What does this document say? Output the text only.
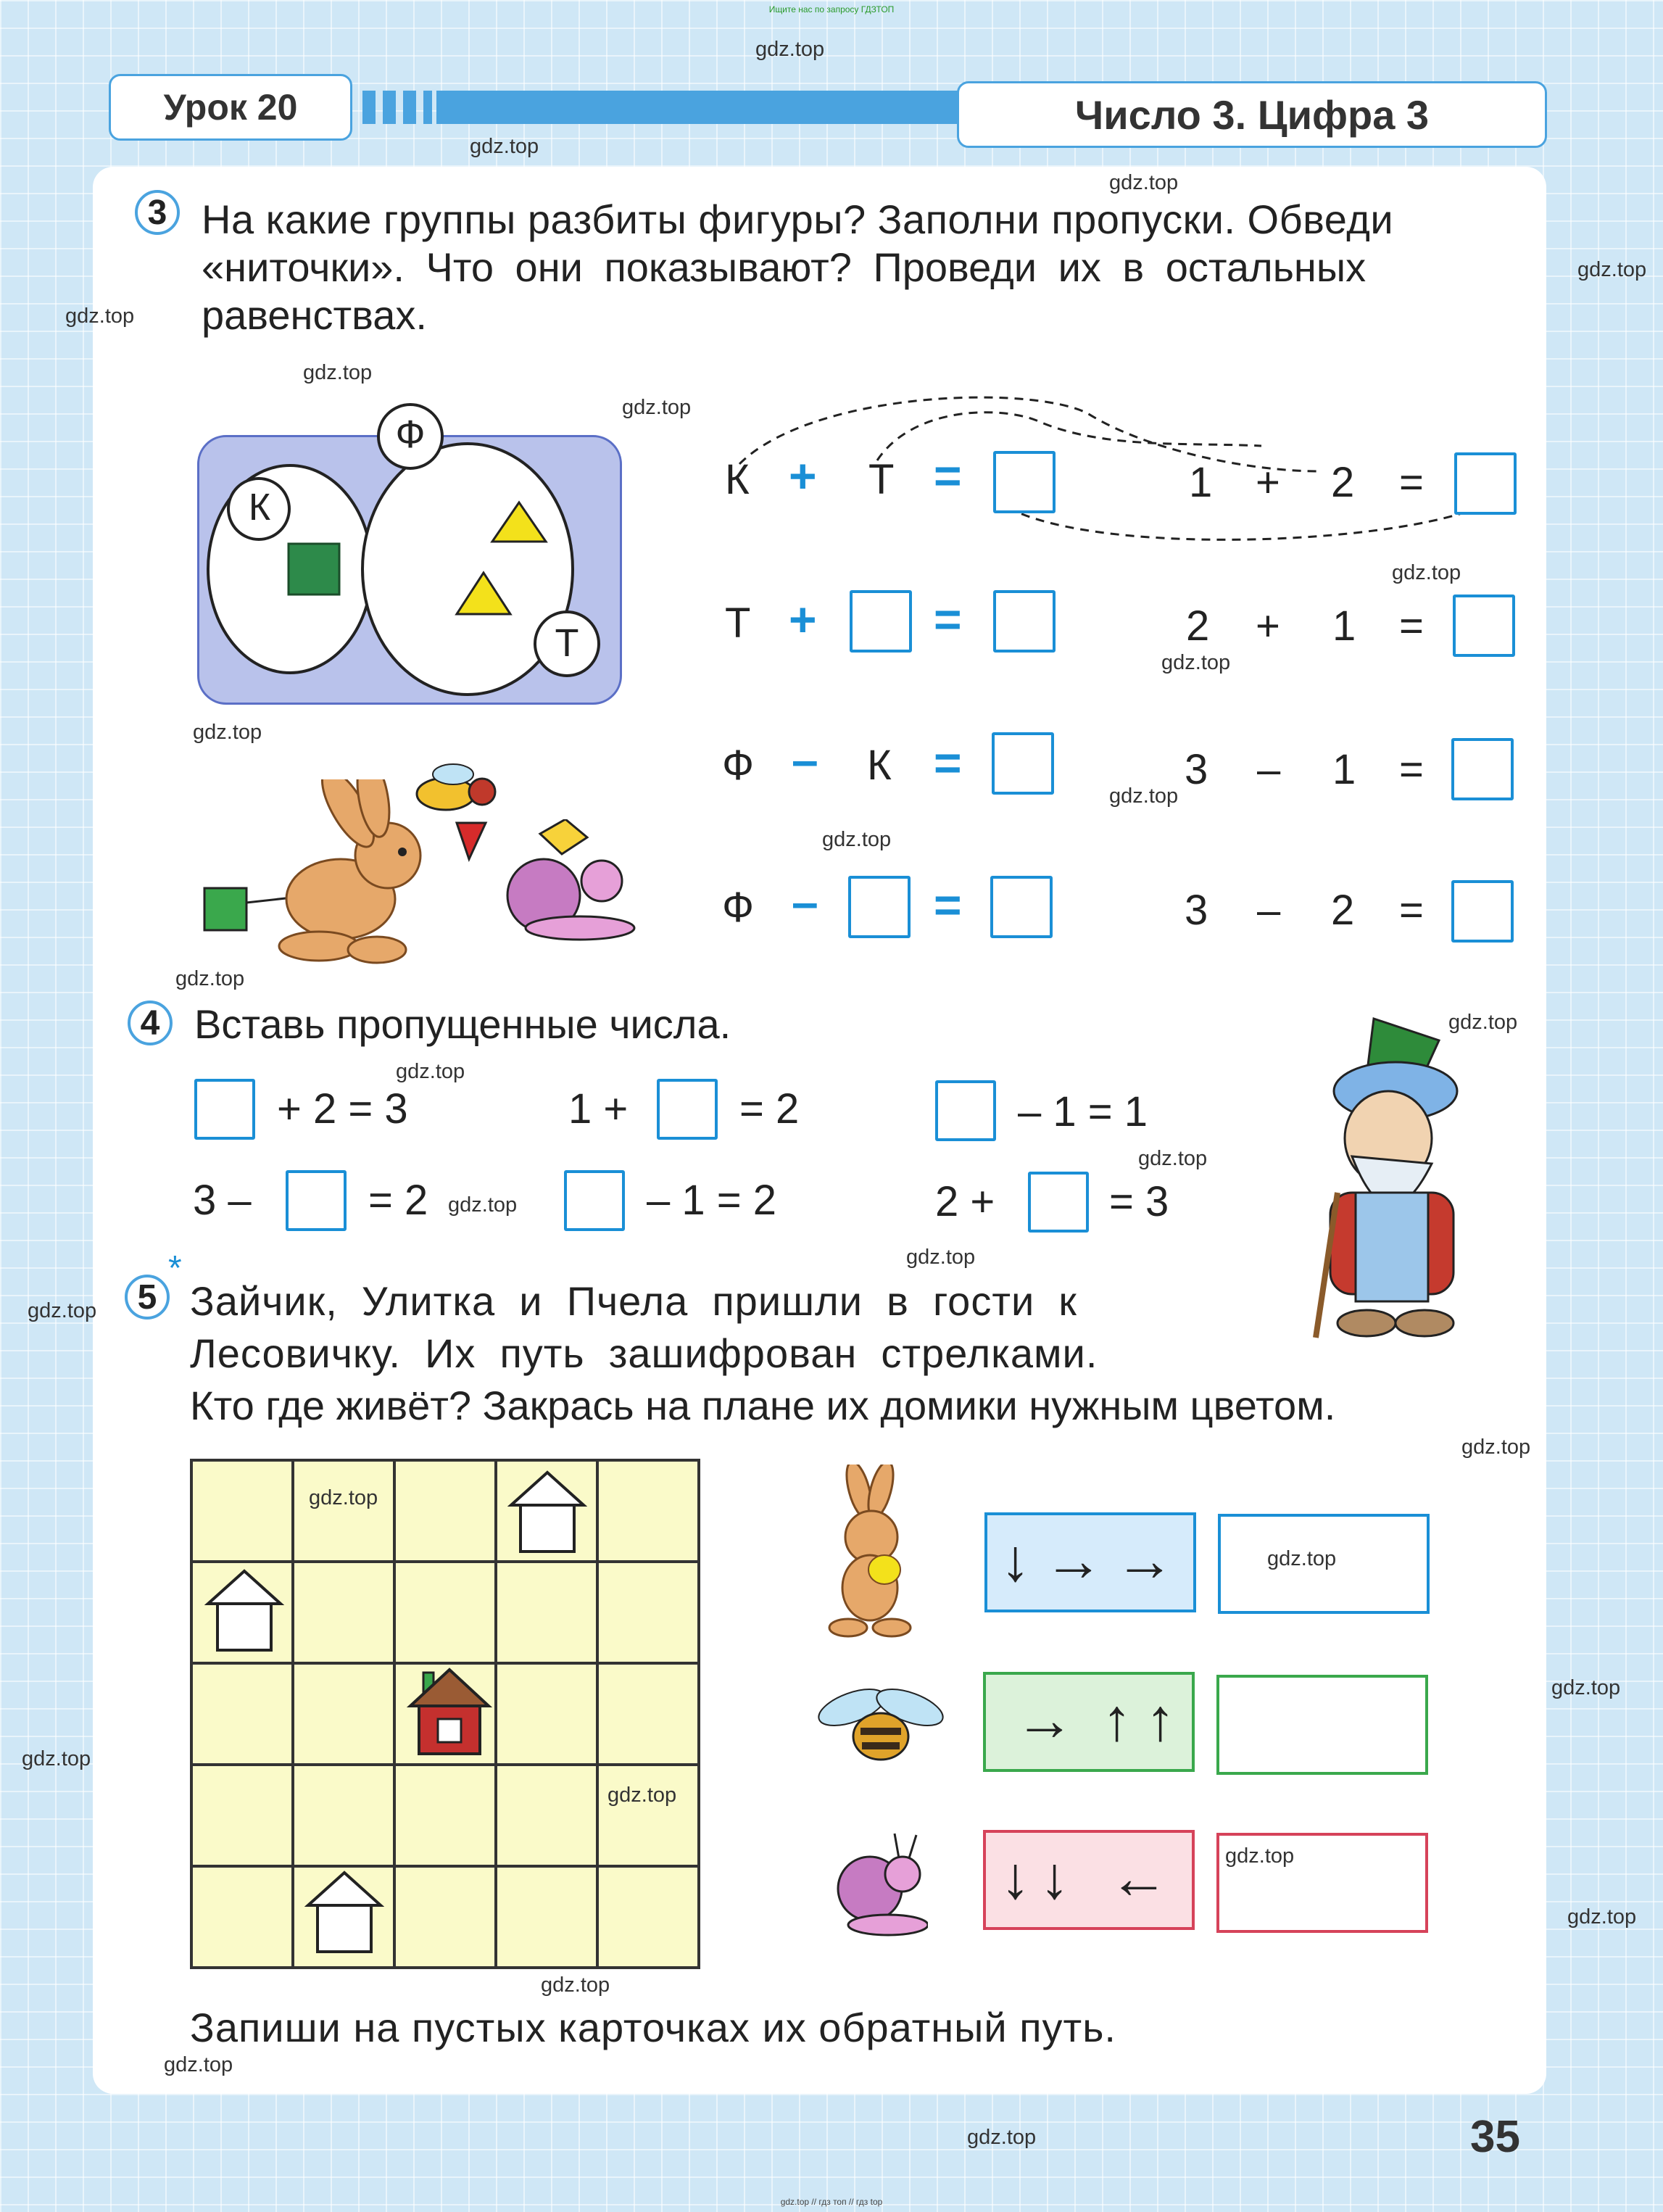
Ищите нас по запросу ГДЗТОП
Урок 20	Число 3. Цифра 3
3 На какие группы разбиты фигуры? Заполни пропуски. Обведи
«ниточки». Что они показывают? Проведи их в остальных
равенствах.
Ф
К
Т
К + Т =
Т + =
Ф – К =
Ф – =
1 + 2 =
2 + 1 =
3 – 1 =
3 – 2 =
4 Вставь пропущенные числа.
+ 2 = 3	1 +	= 2	– 1 = 1
3 –	= 2	– 1 = 2	2 +	= 3
*
5 Зайчик,  Улитка  и  Пчела  пришли  в  гости  к
Лесовичку.  Их  путь  зашифрован  стрелками.
Кто где живёт? Закрась на плане их домики нужным цветом.
↓ → →
→ ↑ ↑
↓ ↓ ←
Запиши на пустых карточках их обратный путь.
35
gdz.top
gdz.top
gdz.top
gdz.top
gdz.top
gdz.top
gdz.top
gdz.top
gdz.top
gdz.top
gdz.top
gdz.top
gdz.top
gdz.top
gdz.top
gdz.top
gdz.top
gdz.top
gdz.top
gdz.top
gdz.top
gdz.top
gdz.top
gdz.top
gdz.top
gdz.top
gdz.top
gdz.top
gdz.top
gdz.top
gdz.top // гдз топ // гдз top
